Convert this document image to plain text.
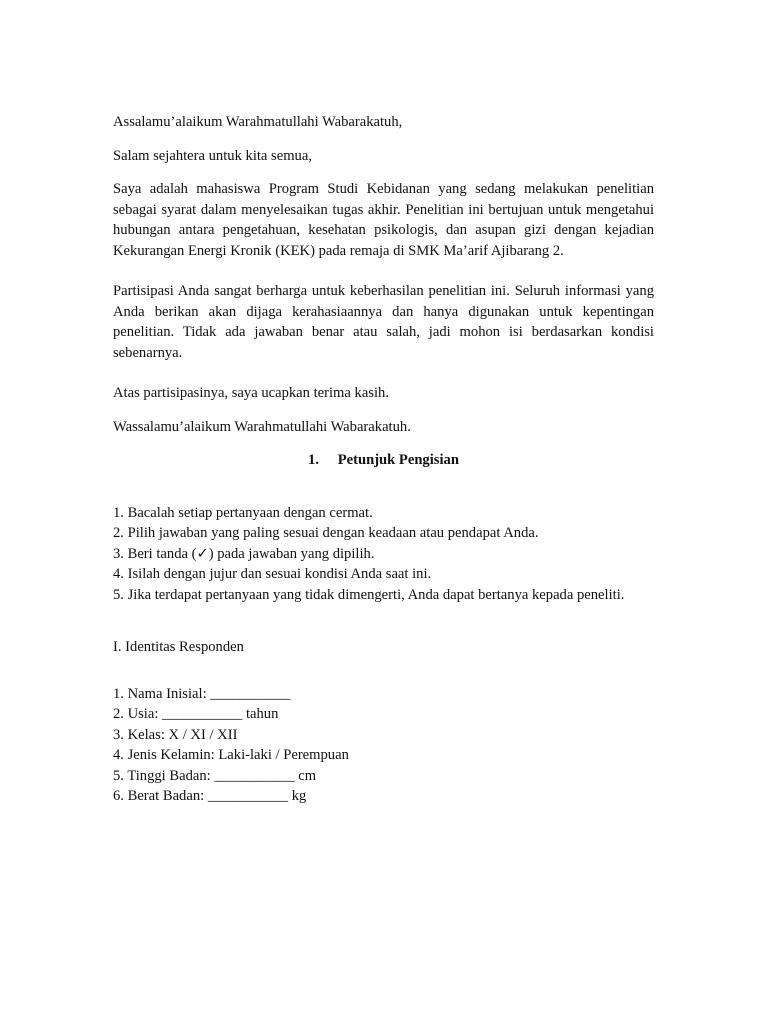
Assalamu’alaikum Warahmatullahi Wabarakatuh,

Salam sejahtera untuk kita semua,

Saya adalah mahasiswa Program Studi Kebidanan yang sedang melakukan penelitian sebagai syarat dalam menyelesaikan tugas akhir. Penelitian ini bertujuan untuk mengetahui hubungan antara pengetahuan, kesehatan psikologis, dan asupan gizi dengan kejadian Kekurangan Energi Kronik (KEK) pada remaja di SMK Ma’arif Ajibarang 2.

Partisipasi Anda sangat berharga untuk keberhasilan penelitian ini. Seluruh informasi yang Anda berikan akan dijaga kerahasiaannya dan hanya digunakan untuk kepentingan penelitian. Tidak ada jawaban benar atau salah, jadi mohon isi berdasarkan kondisi sebenarnya.

Atas partisipasinya, saya ucapkan terima kasih.

Wassalamu’alaikum Warahmatullahi Wabarakatuh.

1. Petunjuk Pengisian

1. Bacalah setiap pertanyaan dengan cermat.

2. Pilih jawaban yang paling sesuai dengan keadaan atau pendapat Anda.

3. Beri tanda (✓) pada jawaban yang dipilih.

4. Isilah dengan jujur dan sesuai kondisi Anda saat ini.

5. Jika terdapat pertanyaan yang tidak dimengerti, Anda dapat bertanya kepada peneliti.

I. Identitas Responden

1. Nama Inisial: ___________

2. Usia: ___________ tahun

3. Kelas: X / XI / XII

4. Jenis Kelamin: Laki-laki / Perempuan

5. Tinggi Badan: ___________ cm

6. Berat Badan: ___________ kg
